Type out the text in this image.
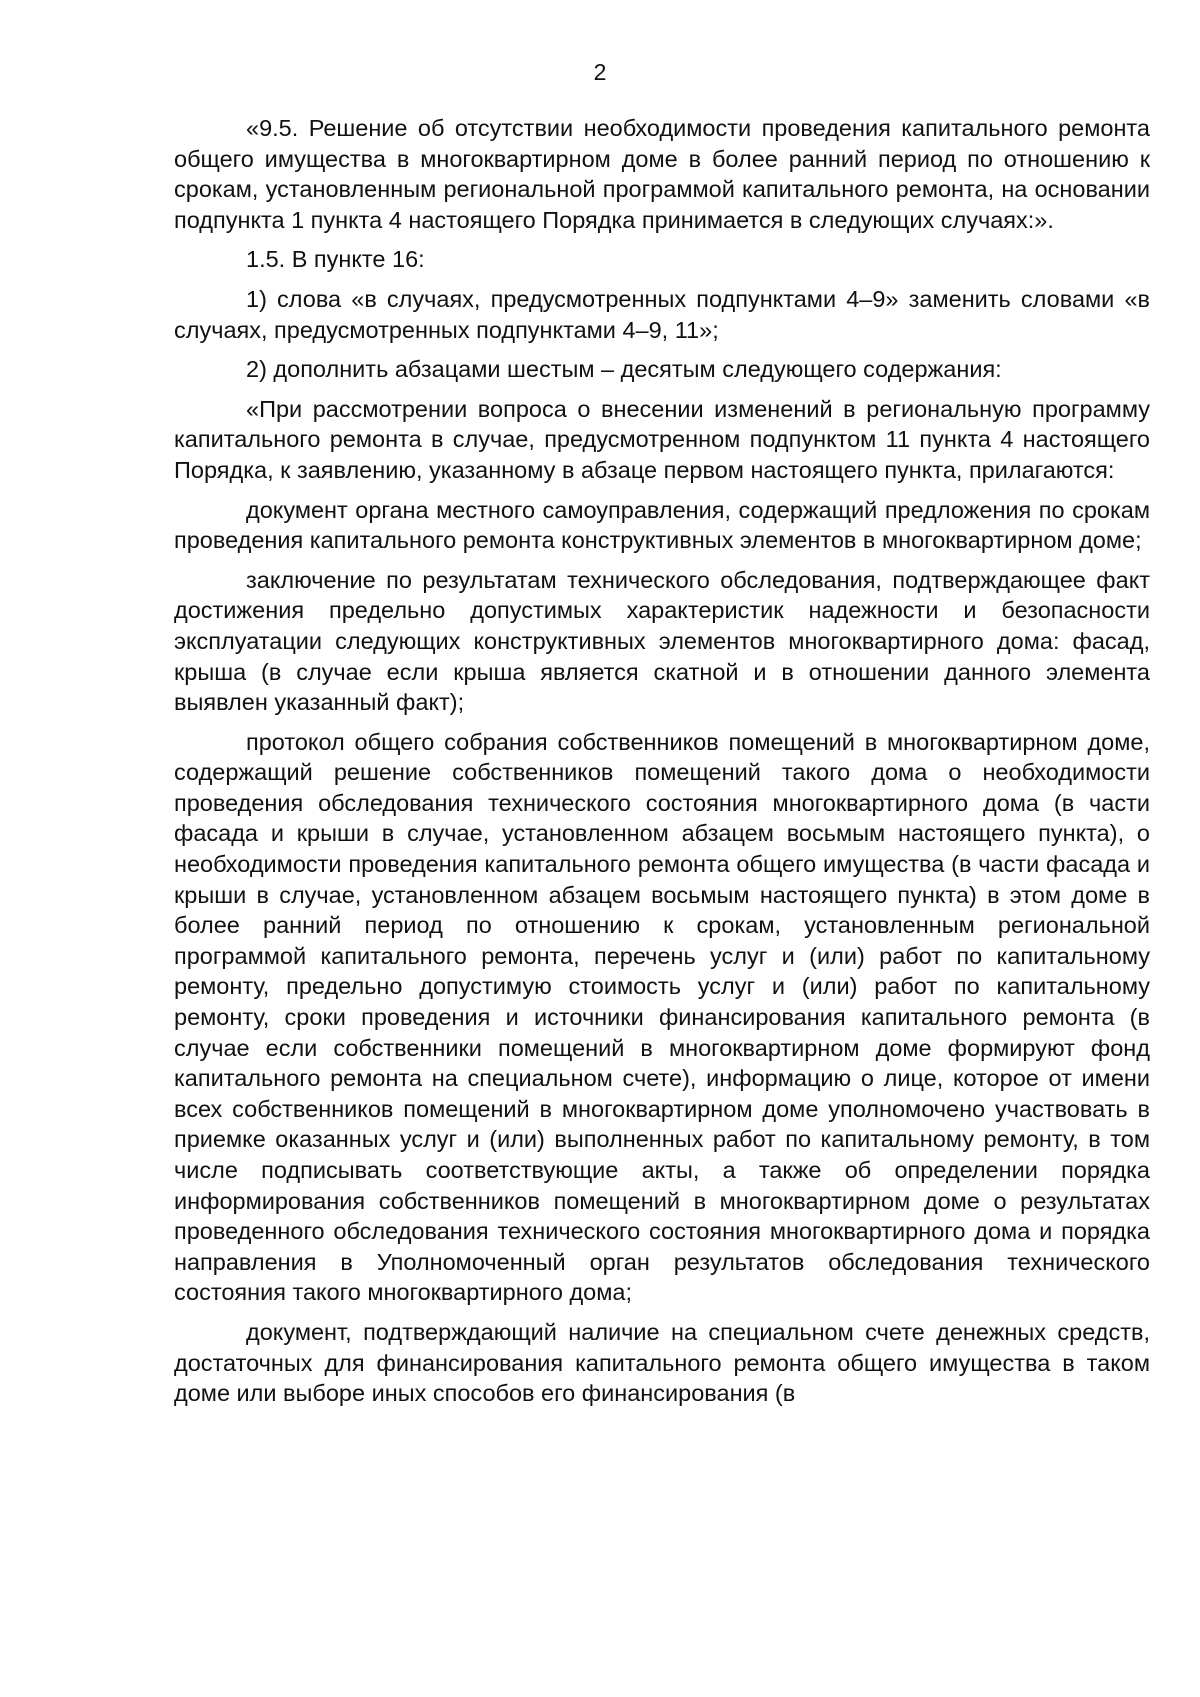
2

«9.5. Решение об отсутствии необходимости проведения капитального ремонта общего имущества в многоквартирном доме в более ранний период по отношению к срокам, установленным региональной программой капитального ремонта, на основании подпункта 1 пункта 4 настоящего Порядка принимается в следующих случаях:».

1.5. В пункте 16:

1) слова «в случаях, предусмотренных подпунктами 4–9» заменить словами «в случаях, предусмотренных подпунктами 4–9, 11»;

2) дополнить абзацами шестым – десятым следующего содержания:

«При рассмотрении вопроса о внесении изменений в региональную программу капитального ремонта в случае, предусмотренном подпунктом 11 пункта 4 настоящего Порядка, к заявлению, указанному в абзаце первом настоящего пункта, прилагаются:

документ органа местного самоуправления, содержащий предложения по срокам проведения капитального ремонта конструктивных элементов в многоквартирном доме;

заключение по результатам технического обследования, подтверждающее факт достижения предельно допустимых характеристик надежности и безопасности эксплуатации следующих конструктивных элементов многоквартирного дома: фасад, крыша (в случае если крыша является скатной и в отношении данного элемента выявлен указанный факт);

протокол общего собрания собственников помещений в многоквартирном доме, содержащий решение собственников помещений такого дома о необходимости проведения обследования технического состояния многоквартирного дома (в части фасада и крыши в случае, установленном абзацем восьмым настоящего пункта), о необходимости проведения капитального ремонта общего имущества (в части фасада и крыши в случае, установленном абзацем восьмым настоящего пункта) в этом доме в более ранний период по отношению к срокам, установленным региональной программой капитального ремонта, перечень услуг и (или) работ по капитальному ремонту, предельно допустимую стоимость услуг и (или) работ по капитальному ремонту, сроки проведения и источники финансирования капитального ремонта (в случае если собственники помещений в многоквартирном доме формируют фонд капитального ремонта на специальном счете), информацию о лице, которое от имени всех собственников помещений в многоквартирном доме уполномочено участвовать в приемке оказанных услуг и (или) выполненных работ по капитальному ремонту, в том числе подписывать соответствующие акты, а также об определении порядка информирования собственников помещений в многоквартирном доме о результатах проведенного обследования технического состояния многоквартирного дома и порядка направления в Уполномоченный орган результатов обследования технического состояния такого многоквартирного дома;

документ, подтверждающий наличие на специальном счете денежных средств, достаточных для финансирования капитального ремонта общего имущества в таком доме или выборе иных способов его финансирования (в
